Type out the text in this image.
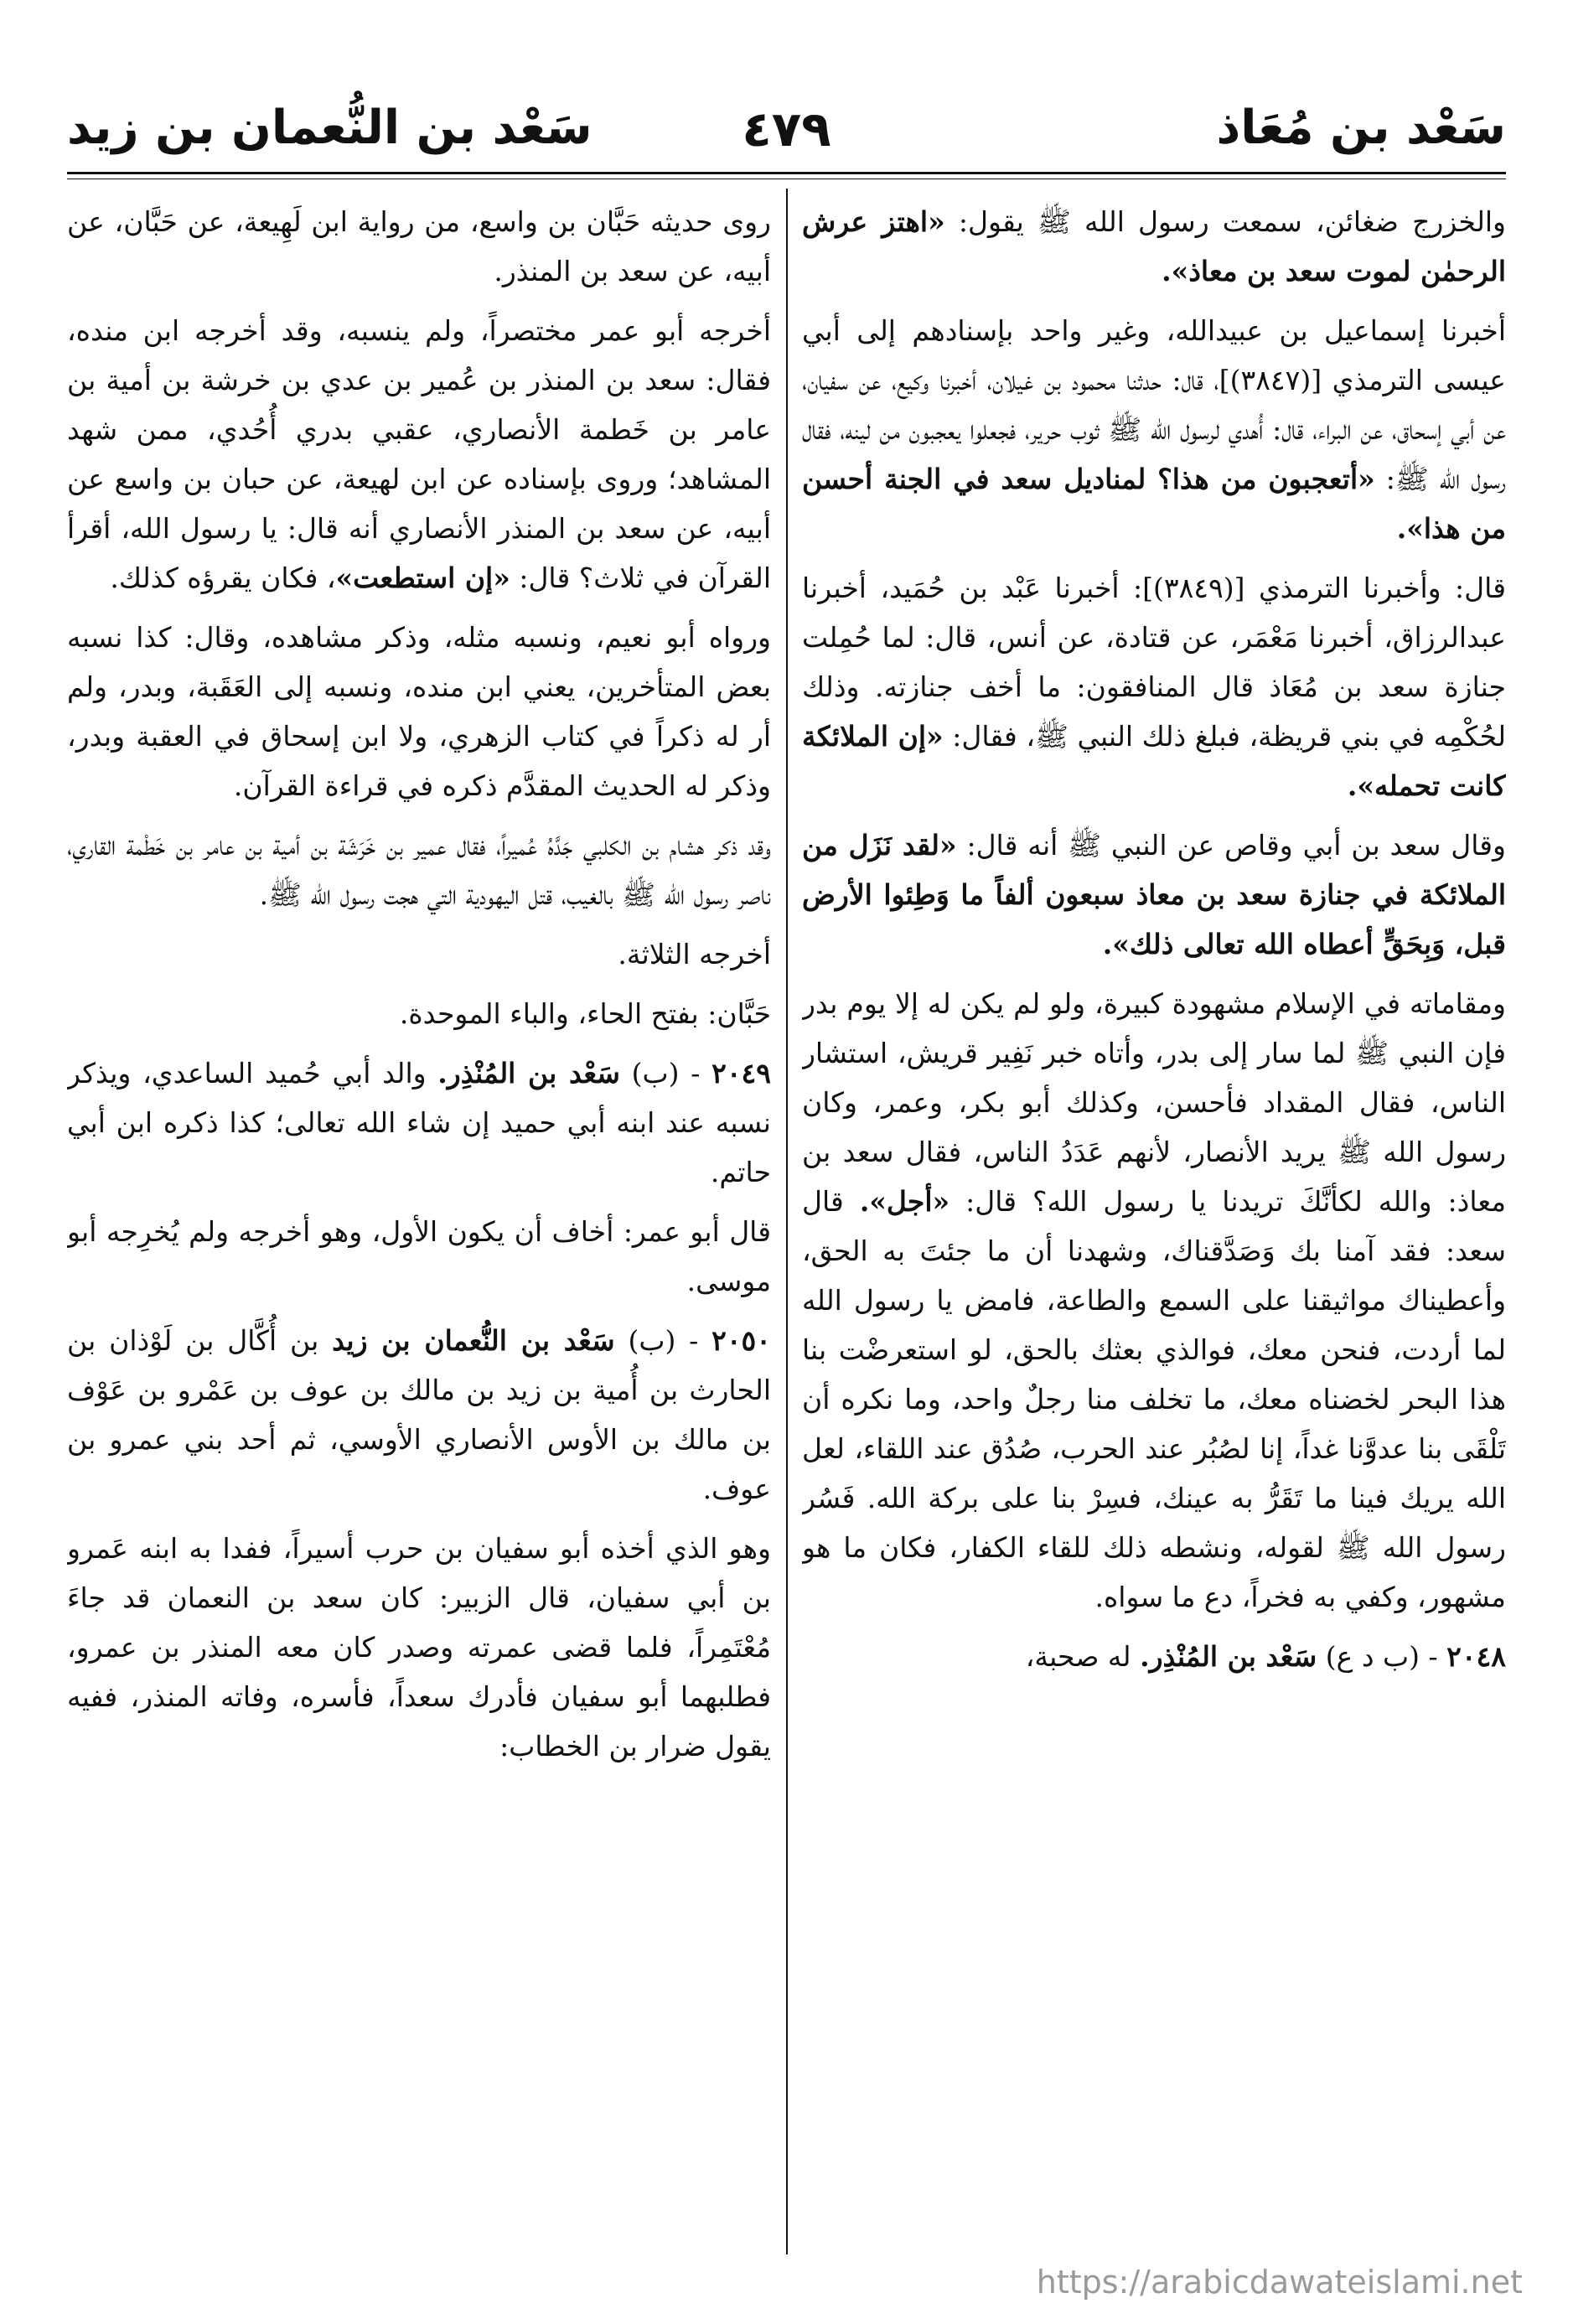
سَعْد بن مُعَاذ
٤٧٩
سَعْد بن النُّعمان بن زيد

والخزرج ضغائن، سمعت رسول الله ﷺ يقول: «اهتز عرش الرحمٰن لموت سعد بن معاذ».

أخبرنا إسماعيل بن عبيدالله، وغير واحد بإسنادهم إلى أبي عيسى الترمذي [(٣٨٤٧)]، قال: حدثنا محمود بن غيلان، أخبرنا وكيع، عن سفيان، عن أبي إسحاق، عن البراء، قال: أُهدي لرسول الله ﷺ ثوب حرير، فجعلوا يعجبون من لينه، فقال رسول الله ﷺ: «أتعجبون من هذا؟ لمناديل سعد في الجنة أحسن من هذا».

قال: وأخبرنا الترمذي [(٣٨٤٩)]: أخبرنا عَبْد بن حُمَيد، أخبرنا عبدالرزاق، أخبرنا مَعْمَر، عن قتادة، عن أنس، قال: لما حُمِلت جنازة سعد بن مُعَاذ قال المنافقون: ما أخف جنازته. وذلك لحُكْمِه في بني قريظة، فبلغ ذلك النبي ﷺ، فقال: «إن الملائكة كانت تحمله».

وقال سعد بن أبي وقاص عن النبي ﷺ أنه قال: «لقد نَزَل من الملائكة في جنازة سعد بن معاذ سبعون ألفاً ما وَطِئوا الأرض قبل، وَبِحَقٍّ أعطاه الله تعالى ذلك».

ومقاماته في الإسلام مشهودة كبيرة، ولو لم يكن له إلا يوم بدر فإن النبي ﷺ لما سار إلى بدر، وأتاه خبر نَفِير قريش، استشار الناس، فقال المقداد فأحسن، وكذلك أبو بكر، وعمر، وكان رسول الله ﷺ يريد الأنصار، لأنهم عَدَدُ الناس، فقال سعد بن معاذ: والله لكأنَّكَ تريدنا يا رسول الله؟ قال: «أجل». قال سعد: فقد آمنا بك وَصَدَّقناك، وشهدنا أن ما جئتَ به الحق، وأعطيناك مواثيقنا على السمع والطاعة، فامض يا رسول الله لما أردت، فنحن معك، فوالذي بعثك بالحق، لو استعرضْت بنا هذا البحر لخضناه معك، ما تخلف منا رجلٌ واحد، وما نكره أن تَلْقَى بنا عدوَّنا غداً، إنا لصُبُر عند الحرب، صُدُق عند اللقاء، لعل الله يريك فينا ما تَقَرُّ به عينك، فسِرْ بنا على بركة الله. فَسُر رسول الله ﷺ لقوله، ونشطه ذلك للقاء الكفار، فكان ما هو مشهور، وكفي به فخراً، دع ما سواه.

٢٠٤٨ - (ب د ع) سَعْد بن المُنْذِر. له صحبة،

روى حديثه حَبَّان بن واسع، من رواية ابن لَهِيعة، عن حَبَّان، عن أبيه، عن سعد بن المنذر.

أخرجه أبو عمر مختصراً، ولم ينسبه، وقد أخرجه ابن منده، فقال: سعد بن المنذر بن عُمير بن عدي بن خرشة بن أمية بن عامر بن خَطمة الأنصاري، عقبي بدري أُحُدي، ممن شهد المشاهد؛ وروى بإسناده عن ابن لهيعة، عن حبان بن واسع عن أبيه، عن سعد بن المنذر الأنصاري أنه قال: يا رسول الله، أقرأ القرآن في ثلاث؟ قال: «إن استطعت»، فكان يقرؤه كذلك.

ورواه أبو نعيم، ونسبه مثله، وذكر مشاهده، وقال: كذا نسبه بعض المتأخرين، يعني ابن منده، ونسبه إلى العَقَبة، وبدر، ولم أر له ذكراً في كتاب الزهري، ولا ابن إسحاق في العقبة وبدر، وذكر له الحديث المقدَّم ذكره في قراءة القرآن.

وقد ذكر هشام بن الكلبي جَدَّهُ عُميراً، فقال عمير بن خَرَشَة بن أمية بن عامر بن خَطْمة القاري، ناصر رسول الله ﷺ بالغيب، قتل اليهودية التي هجت رسول الله ﷺ.

أخرجه الثلاثة.

حَبَّان: بفتح الحاء، والباء الموحدة.

٢٠٤٩ - (ب) سَعْد بن المُنْذِر. والد أبي حُميد الساعدي، ويذكر نسبه عند ابنه أبي حميد إن شاء الله تعالى؛ كذا ذكره ابن أبي حاتم.

قال أبو عمر: أخاف أن يكون الأول، وهو أخرجه ولم يُخرِجه أبو موسى.

٢٠٥٠ - (ب) سَعْد بن النُّعمان بن زيد بن أُكَّال بن لَوْذان بن الحارث بن أُمية بن زيد بن مالك بن عوف بن عَمْرو بن عَوْف بن مالك بن الأوس الأنصاري الأوسي، ثم أحد بني عمرو بن عوف.

وهو الذي أخذه أبو سفيان بن حرب أسيراً، ففدا به ابنه عَمرو بن أبي سفيان، قال الزبير: كان سعد بن النعمان قد جاءَ مُعْتَمِراً، فلما قضى عمرته وصدر كان معه المنذر بن عمرو، فطلبهما أبو سفيان فأدرك سعداً، فأسره، وفاته المنذر، ففيه يقول ضرار بن الخطاب:

https://arabicdawateislami.net
